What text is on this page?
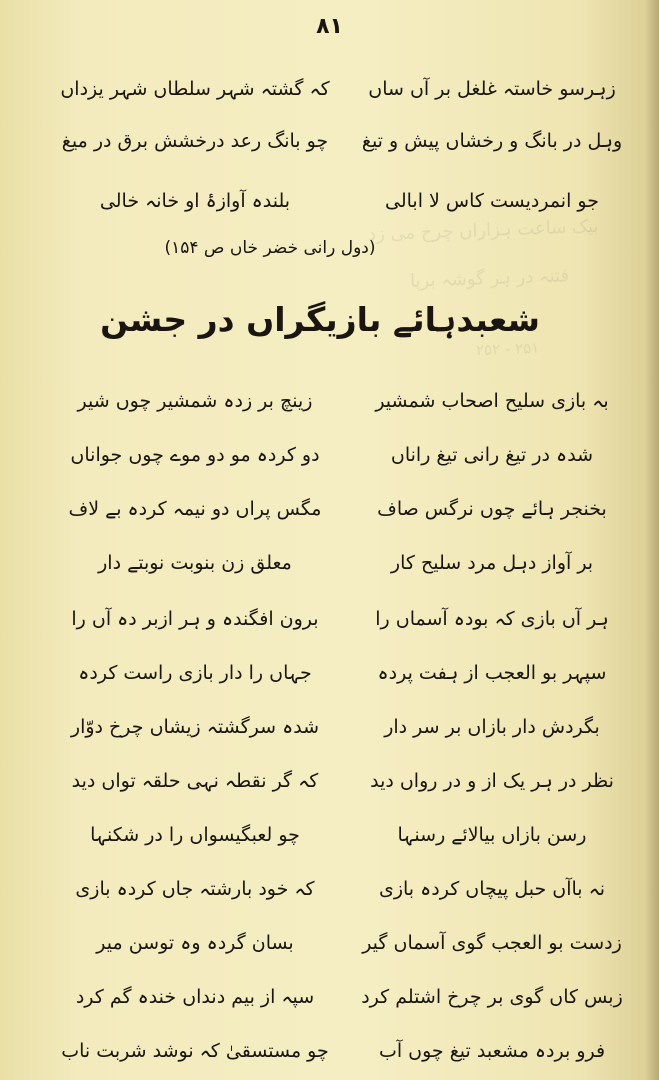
بیک ساعت ہزاراں چرخ می زد
فتنہ در ہر گوشہ برپا
۲۵۱ - ۲۵۲
۸۱
زہرسو خاستہ غلغل بر آں ساں
کہ گشتہ شہر سلطاں شہر یزداں
وہل در بانگ و رخشاں پیش و تیغ
چو بانگ رعد درخشش برق در میغ
جو انمردیست کاس لا ابالی
بلندہ آوازۂ او خانہ خالی
(دول رانی خضر خاں ص ۱۵۴)
شعبدہائے بازیگراں در جشن
بہ بازی سلیح اصحاب شمشیر
زینچ بر زدہ شمشیر چوں شیر
شدہ در تیغ رانی تیغ راناں
دو کردہ مو دو موے چوں جواناں
بخنجر ہائے چوں نرگس صاف
مگس پراں دو نیمہ کردہ بے لاف
بر آواز دہل مرد سلیح کار
معلق زن بنوبت نوبتے دار
ہر آں بازی کہ بودہ آسماں را
برون افگندہ و ہر ازبر دہ آں را
سپہر بو العجب از ہفت پردہ
جہاں را دار بازی راست کردہ
بگردش دار بازاں بر سر دار
شدہ سرگشتہ زیشاں چرخ دوّار
نظر در ہر یک از و در رواں دید
کہ گر نقطہ نہی حلقہ تواں دید
رسن بازاں بیالائے رسنہا
چو لعبگیسواں را در شکنہا
نہ باآں حبل پیچاں کردہ بازی
کہ خود بارشتہ جاں کردہ بازی
زدست بو العجب گوی آسماں گیر
بسان گردہ وہ توسن میر
زبس کاں گوی بر چرخ اشتلم کرد
سپہ از بیم دنداں خندہ گم کرد
فرو بردہ مشعبد تیغ چوں آب
چو مستسقیٰ کہ نوشد شربت ناب
